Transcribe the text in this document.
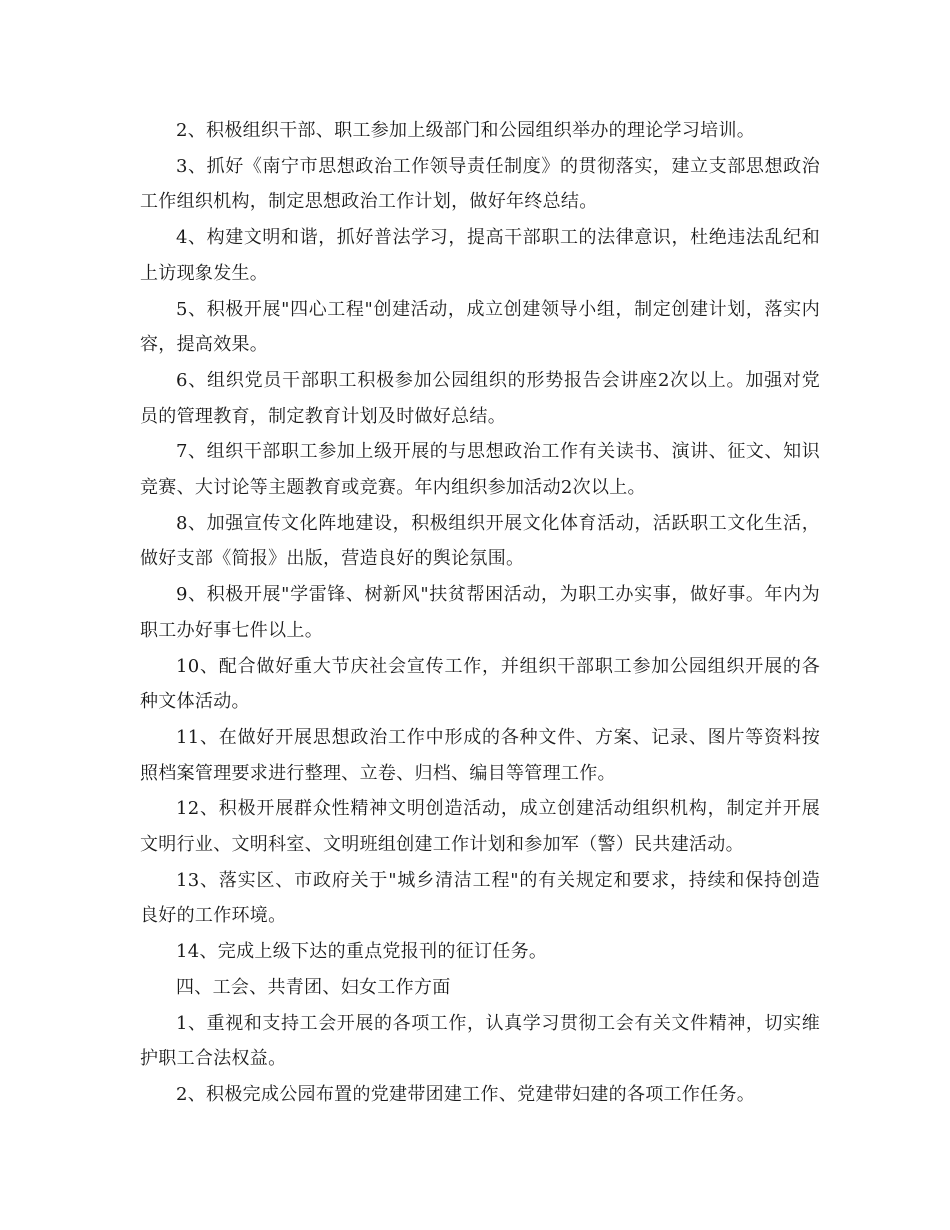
2、积极组织干部、职工参加上级部门和公园组织举办的理论学习培训。

3、抓好《南宁市思想政治工作领导责任制度》的贯彻落实，建立支部思想政治工作组织机构，制定思想政治工作计划，做好年终总结。

4、构建文明和谐，抓好普法学习，提高干部职工的法律意识，杜绝违法乱纪和上访现象发生。

5、积极开展"四心工程"创建活动，成立创建领导小组，制定创建计划，落实内容，提高效果。

6、组织党员干部职工积极参加公园组织的形势报告会讲座2次以上。加强对党员的管理教育，制定教育计划及时做好总结。

7、组织干部职工参加上级开展的与思想政治工作有关读书、演讲、征文、知识竞赛、大讨论等主题教育或竞赛。年内组织参加活动2次以上。

8、加强宣传文化阵地建设，积极组织开展文化体育活动，活跃职工文化生活，做好支部《简报》出版，营造良好的舆论氛围。

9、积极开展"学雷锋、树新风"扶贫帮困活动，为职工办实事，做好事。年内为职工办好事七件以上。

10、配合做好重大节庆社会宣传工作，并组织干部职工参加公园组织开展的各种文体活动。

11、在做好开展思想政治工作中形成的各种文件、方案、记录、图片等资料按照档案管理要求进行整理、立卷、归档、编目等管理工作。

12、积极开展群众性精神文明创造活动，成立创建活动组织机构，制定并开展文明行业、文明科室、文明班组创建工作计划和参加军（警）民共建活动。

13、落实区、市政府关于"城乡清洁工程"的有关规定和要求，持续和保持创造良好的工作环境。

14、完成上级下达的重点党报刊的征订任务。

四、工会、共青团、妇女工作方面

1、重视和支持工会开展的各项工作，认真学习贯彻工会有关文件精神，切实维护职工合法权益。

2、积极完成公园布置的党建带团建工作、党建带妇建的各项工作任务。
